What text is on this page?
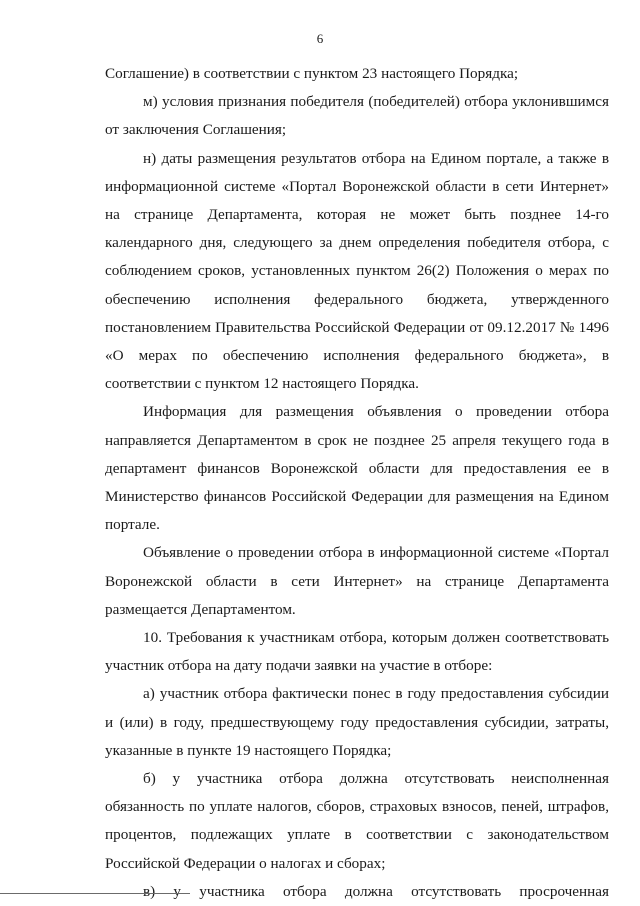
6

Соглашение) в соответствии с пунктом 23 настоящего Порядка;

м) условия признания победителя (победителей) отбора уклонившимся от заключения Соглашения;

н) даты размещения результатов отбора на Едином портале, а также в информационной системе «Портал Воронежской области в сети Интернет» на странице Департамента, которая не может быть позднее 14-го календарного дня, следующего за днем определения победителя отбора, с соблюдением сроков, установленных пунктом 26(2) Положения о мерах по обеспечению исполнения федерального бюджета, утвержденного постановлением Правительства Российской Федерации от 09.12.2017 № 1496 «О мерах по обеспечению исполнения федерального бюджета», в соответствии с пунктом 12 настоящего Порядка.

Информация для размещения объявления о проведении отбора направляется Департаментом в срок не позднее 25 апреля текущего года в департамент финансов Воронежской области для предоставления ее в Министерство финансов Российской Федерации для размещения на Едином портале.

Объявление о проведении отбора в информационной системе «Портал Воронежской области в сети Интернет» на странице Департамента размещается Департаментом.

10. Требования к участникам отбора, которым должен соответствовать участник отбора на дату подачи заявки на участие в отборе:

а) участник отбора фактически понес в году предоставления субсидии и (или) в году, предшествующему году предоставления субсидии, затраты, указанные в пункте 19 настоящего Порядка;

б) у участника отбора должна отсутствовать неисполненная обязанность по уплате налогов, сборов, страховых взносов, пеней, штрафов, процентов, подлежащих уплате в соответствии с законодательством Российской Федерации о налогах и сборах;

в) у участника отбора должна отсутствовать просроченная
